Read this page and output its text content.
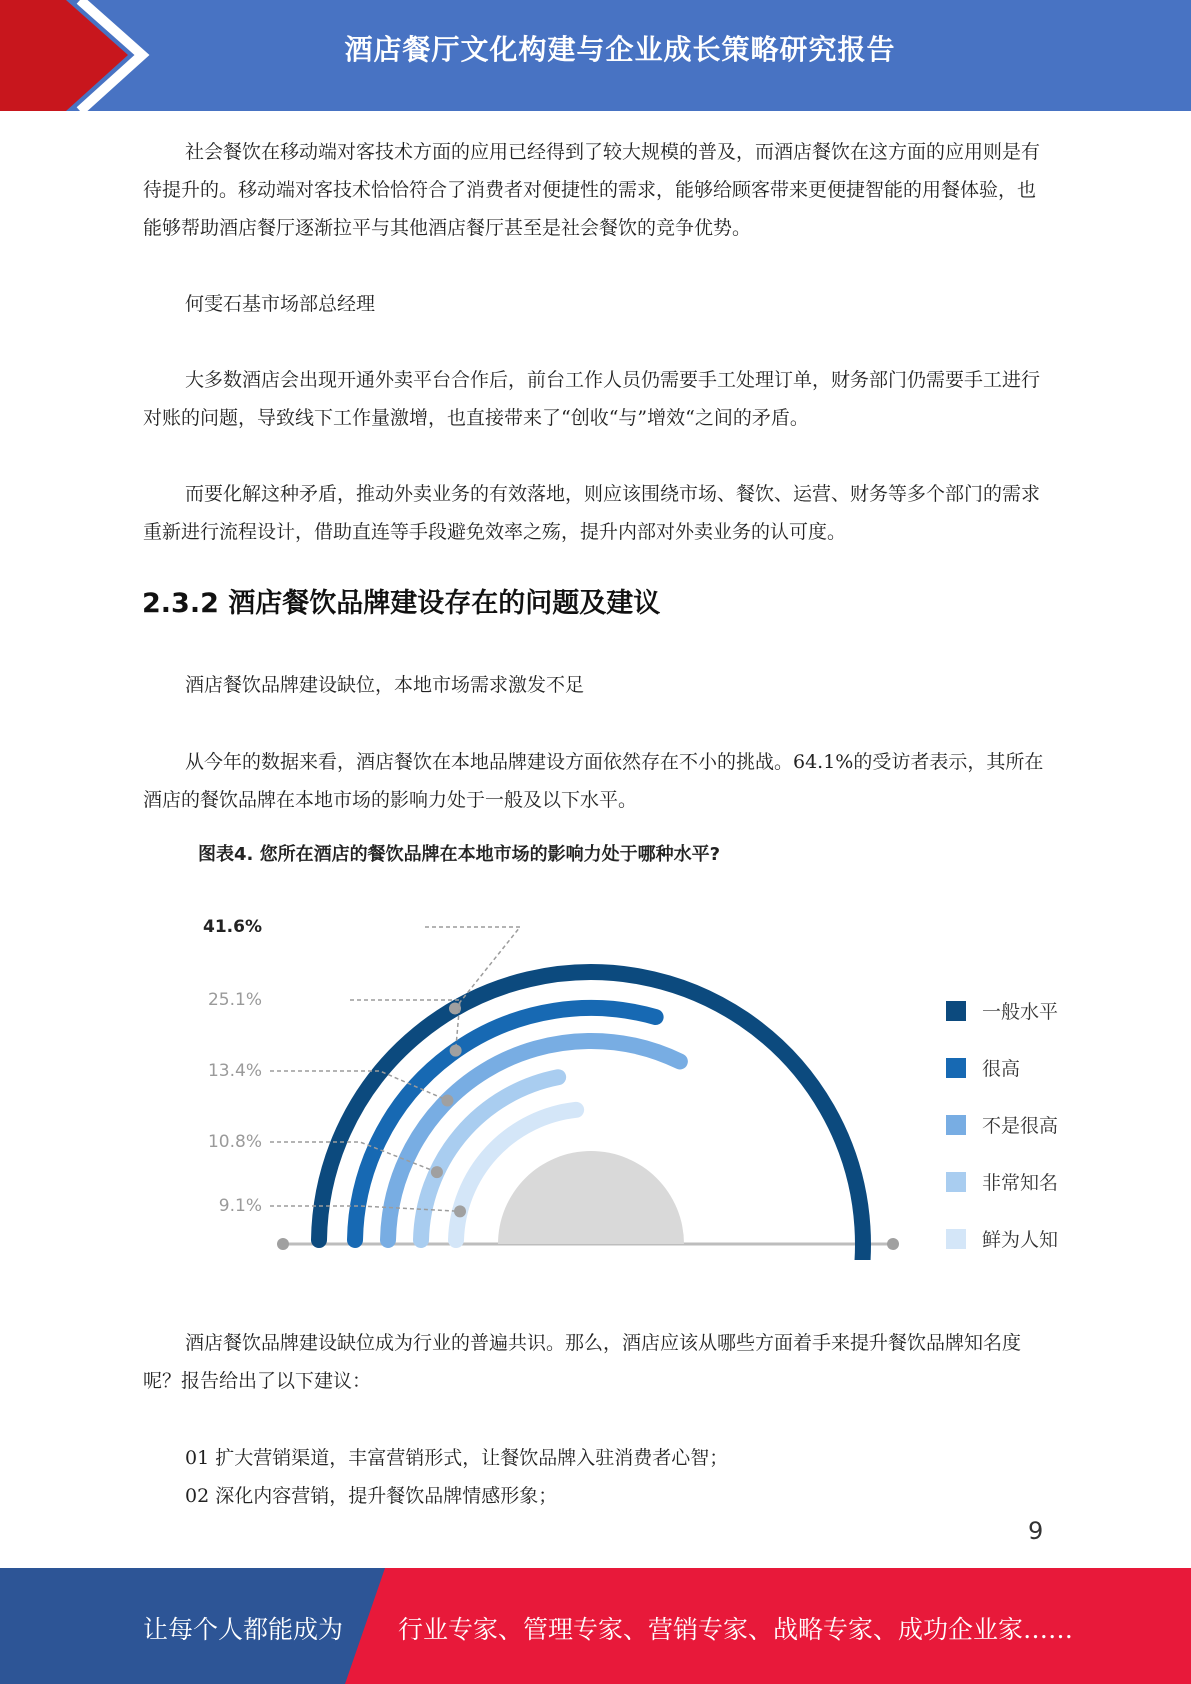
酒店餐厅文化构建与企业成长策略研究报告

社会餐饮在移动端对客技术方面的应用已经得到了较大规模的普及，而酒店餐饮在这方面的应用则是有待提升的。移动端对客技术恰恰符合了消费者对便捷性的需求，能够给顾客带来更便捷智能的用餐体验，也能够帮助酒店餐厅逐渐拉平与其他酒店餐厅甚至是社会餐饮的竞争优势。

何雯石基市场部总经理

大多数酒店会出现开通外卖平台合作后，前台工作人员仍需要手工处理订单，财务部门仍需要手工进行对账的问题，导致线下工作量激增，也直接带来了“创收“与”增效“之间的矛盾。

而要化解这种矛盾，推动外卖业务的有效落地，则应该围绕市场、餐饮、运营、财务等多个部门的需求重新进行流程设计，借助直连等手段避免效率之殇，提升内部对外卖业务的认可度。

2.3.2 酒店餐饮品牌建设存在的问题及建议

酒店餐饮品牌建设缺位，本地市场需求激发不足

从今年的数据来看，酒店餐饮在本地品牌建设方面依然存在不小的挑战。64.1%的受访者表示，其所在酒店的餐饮品牌在本地市场的影响力处于一般及以下水平。

图表4. 您所在酒店的餐饮品牌在本地市场的影响力处于哪种水平?
41.6%
25.1%
13.4%
10.8%
9.1%
一般水平
很高
不是很高
非常知名
鲜为人知

酒店餐饮品牌建设缺位成为行业的普遍共识。那么，酒店应该从哪些方面着手来提升餐饮品牌知名度呢？报告给出了以下建议：

01 扩大营销渠道，丰富营销形式，让餐饮品牌入驻消费者心智；

02 深化内容营销，提升餐饮品牌情感形象；

9
让每个人都能成为 行业专家、管理专家、营销专家、战略专家、成功企业家……
